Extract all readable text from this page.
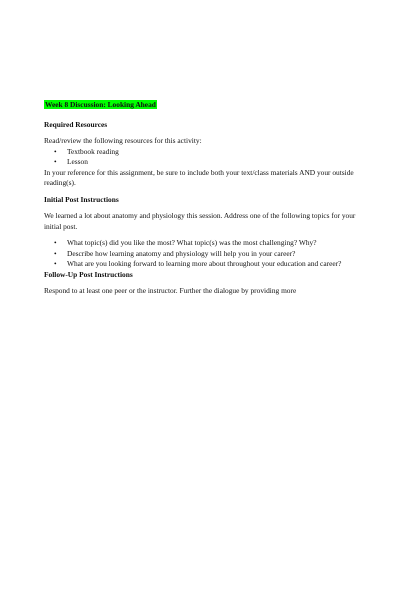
Week 8 Discussion: Looking Ahead
Required Resources
Read/review the following resources for this activity:
• Textbook reading
• Lesson
In your reference for this assignment, be sure to include both your text/class materials AND your outside reading(s).
Initial Post Instructions
We learned a lot about anatomy and physiology this session. Address one of the following topics for your initial post.
• What topic(s) did you like the most? What topic(s) was the most challenging? Why?
• Describe how learning anatomy and physiology will help you in your career?
• What are you looking forward to learning more about throughout your education and career?
Follow-Up Post Instructions
Respond to at least one peer or the instructor. Further the dialogue by providing more
